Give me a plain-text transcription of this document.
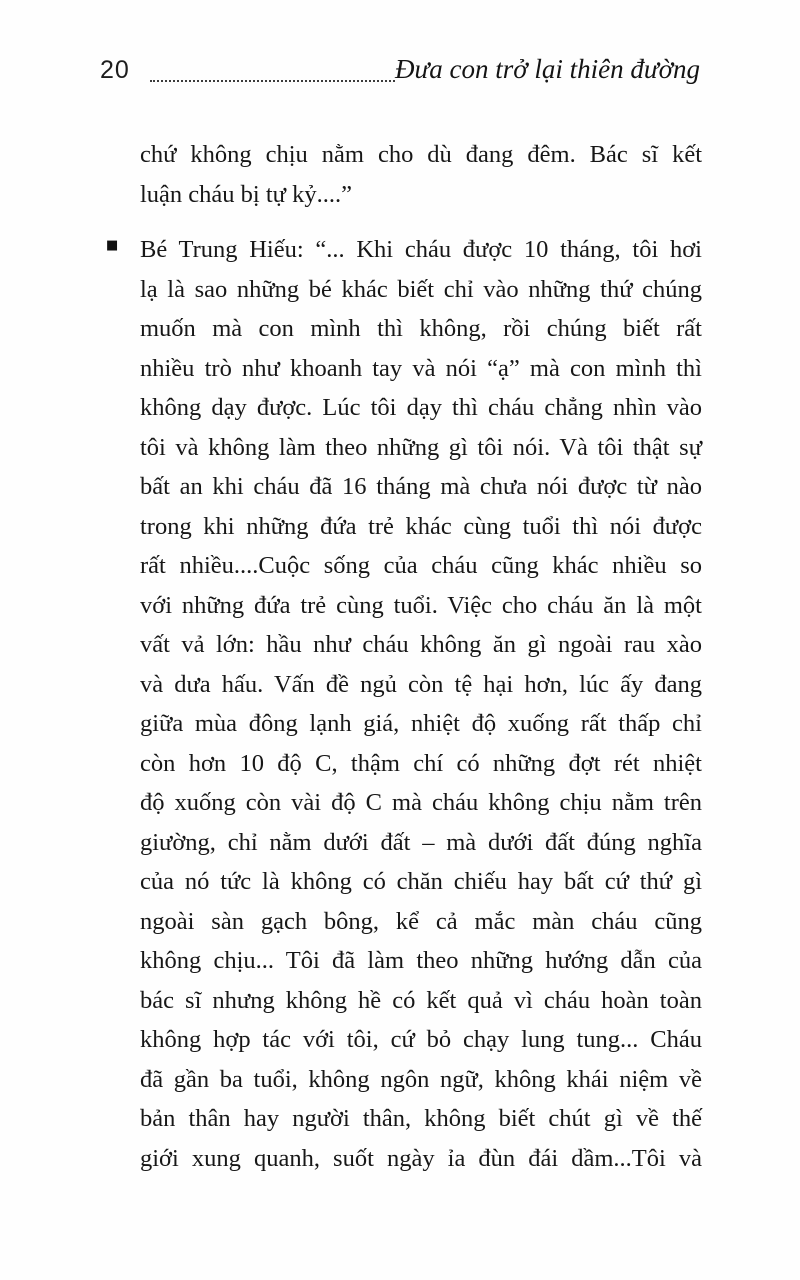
20	Đưa con trở lại thiên đường
chứ không chịu nằm cho dù đang đêm. Bác sĩ kết
luận cháu bị tự kỷ....”
■ Bé Trung Hiếu: “... Khi cháu được 10 tháng, tôi hơi
lạ là sao những bé khác biết chỉ vào những thứ chúng
muốn mà con mình thì không, rồi chúng biết rất
nhiều trò như khoanh tay và nói “ạ” mà con mình thì
không dạy được. Lúc tôi dạy thì cháu chẳng nhìn vào
tôi và không làm theo những gì tôi nói. Và tôi thật sự
bất an khi cháu đã 16 tháng mà chưa nói được từ nào
trong khi những đứa trẻ khác cùng tuổi thì nói được
rất nhiều....Cuộc sống của cháu cũng khác nhiều so
với những đứa trẻ cùng tuổi. Việc cho cháu ăn là một
vất vả lớn: hầu như cháu không ăn gì ngoài rau xào
và dưa hấu. Vấn đề ngủ còn tệ hại hơn, lúc ấy đang
giữa mùa đông lạnh giá, nhiệt độ xuống rất thấp chỉ
còn hơn 10 độ C, thậm chí có những đợt rét nhiệt
độ xuống còn vài độ C mà cháu không chịu nằm trên
giường, chỉ nằm dưới đất – mà dưới đất đúng nghĩa
của nó tức là không có chăn chiếu hay bất cứ thứ gì
ngoài sàn gạch bông, kể cả mắc màn cháu cũng
không chịu... Tôi đã làm theo những hướng dẫn của
bác sĩ nhưng không hề có kết quả vì cháu hoàn toàn
không hợp tác với tôi, cứ bỏ chạy lung tung... Cháu
đã gần ba tuổi, không ngôn ngữ, không khái niệm về
bản thân hay người thân, không biết chút gì về thế
giới xung quanh, suốt ngày ỉa đùn đái dầm...Tôi và
